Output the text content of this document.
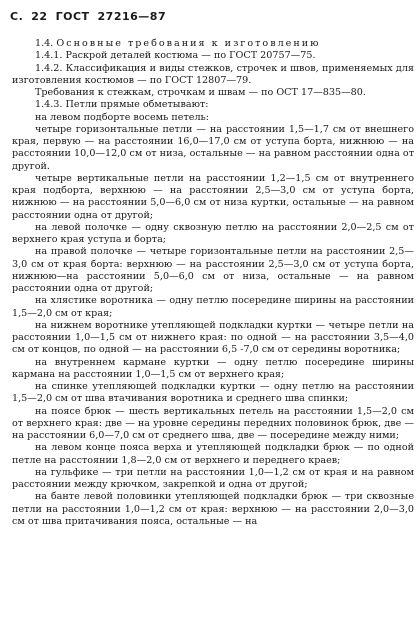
С. 22 ГОСТ 27216—87

1.4. Основные требования к изготовлению

1.4.1. Раскрой деталей костюма — по ГОСТ 20757—75.

1.4.2. Классификация и виды стежков, строчек и швов, применяемых для изготовления костюмов — по ГОСТ 12807—79.

Требования к стежкам, строчкам и швам — по ОСТ 17—835—80.

1.4.3. Петли прямые обметывают:

на левом подборте восемь петель:

четыре горизонтальные петли — на расстоянии 1,5—1,7 см от внешнего края, первую — на расстоянии 16,0—17,0 см от уступа борта, нижнюю — на расстоянии 10,0—12,0 см от низа, остальные — на равном расстоянии одна от другой.

четыре вертикальные петли на расстоянии 1,2—1,5 см от внутреннего края подборта, верхнюю — на расстоянии 2,5—3,0 см от уступа борта, нижнюю — на расстоянии 5,0—6,0 см от низа куртки, остальные — на равном расстоянии одна от другой;

на левой полочке — одну сквозную петлю на расстоянии 2,0—2,5 см от верхнего края уступа и борта;

на правой полочке — четыре горизонтальные петли на расстоянии 2,5—3,0 см от края борта: верхнюю — на расстоянии 2,5—3,0 см от уступа борта, нижнюю—на расстоянии 5,0—6,0 см от низа, остальные — на равном расстоянии одна от другой;

на хлястике воротника — одну петлю посередине ширины на расстоянии 1,5—2,0 см от края;

на нижнем воротнике утепляющей подкладки куртки — четыре петли на расстоянии 1,0—1,5 см от нижнего края: по одной — на расстоянии 3,5—4,0 см от концов, по одной — на расстоянии 6,5 -7,0 см от середины воротника;

на внутреннем кармане куртки — одну петлю посередине ширины кармана на расстоянии 1,0—1,5 см от верхнего края;

на спинке утепляющей подкладки куртки — одну петлю на расстоянии 1,5—2,0 см от шва втачивания воротника и среднего шва спинки;

на поясе брюк — шесть вертикальных петель на расстоянии 1,5—2,0 см от верхнего края: две — на уровне середины передних половинок брюк, две — на расстоянии 6,0—7,0 см от среднего шва, две — посередине между ними;

на левом конце пояса верха и утепляющей подкладки брюк — по одной петле на расстоянии 1,8—2,0 см от верхнего и переднего краев;

на гульфике — три петли на расстоянии 1,0—1,2 см от края и на равном расстоянии между крючком, закрепкой и одна от другой;

на банте левой половинки утепляющей подкладки брюк — три сквозные петли на расстоянии 1,0—1,2 см от края: верхнюю — на расстоянии 2,0—3,0 см от шва притачивания пояса, остальные — на
